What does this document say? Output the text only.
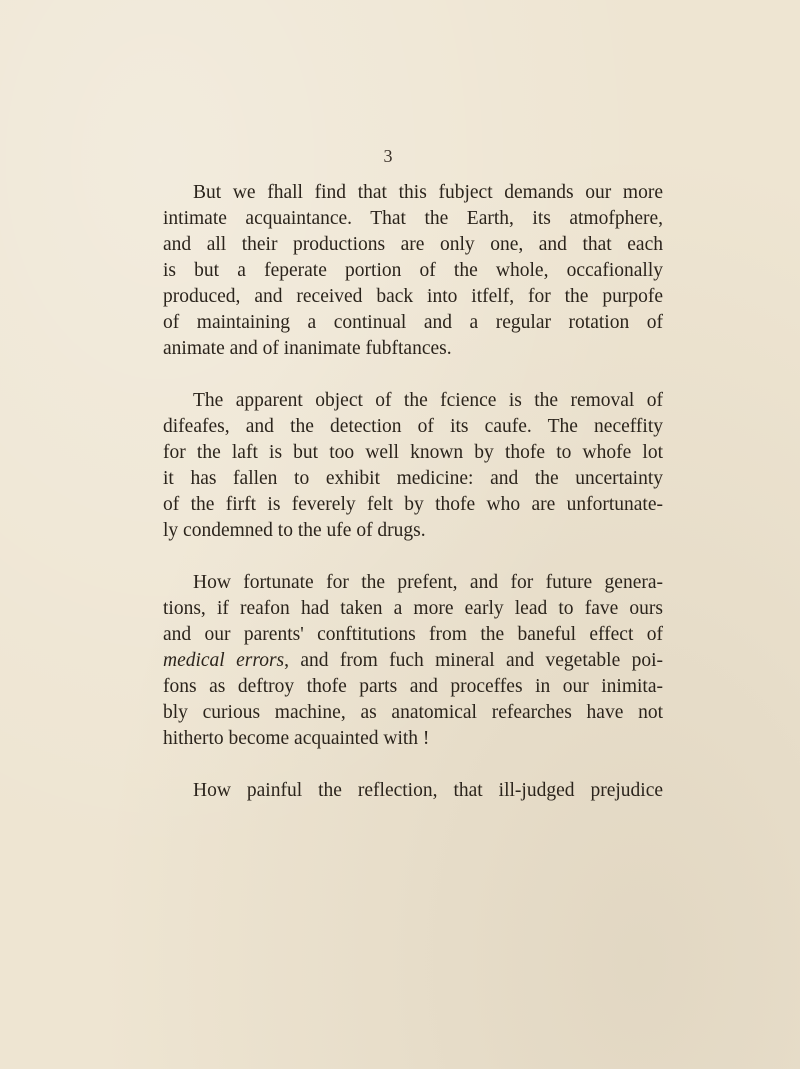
3
But we fhall find that this fubject demands our more
intimate acquaintance. That the Earth, its atmofphere,
and all their productions are only one, and that each
is but a feperate portion of the whole, occafionally
produced, and received back into itfelf, for the purpofe
of maintaining a continual and a regular rotation of
animate and of inanimate fubftances.
The apparent object of the fcience is the removal of
difeafes, and the detection of its caufe. The neceffity
for the laft is but too well known by thofe to whofe lot
it has fallen to exhibit medicine: and the uncertainty
of the firft is feverely felt by thofe who are unfortunate-
ly condemned to the ufe of drugs.
How fortunate for the prefent, and for future genera-
tions, if reafon had taken a more early lead to fave ours
and our parents' conftitutions from the baneful effect of
medical errors, and from fuch mineral and vegetable poi-
fons as deftroy thofe parts and proceffes in our inimita-
bly curious machine, as anatomical refearches have not
hitherto become acquainted with !
How painful the reflection, that ill-judged prejudice
